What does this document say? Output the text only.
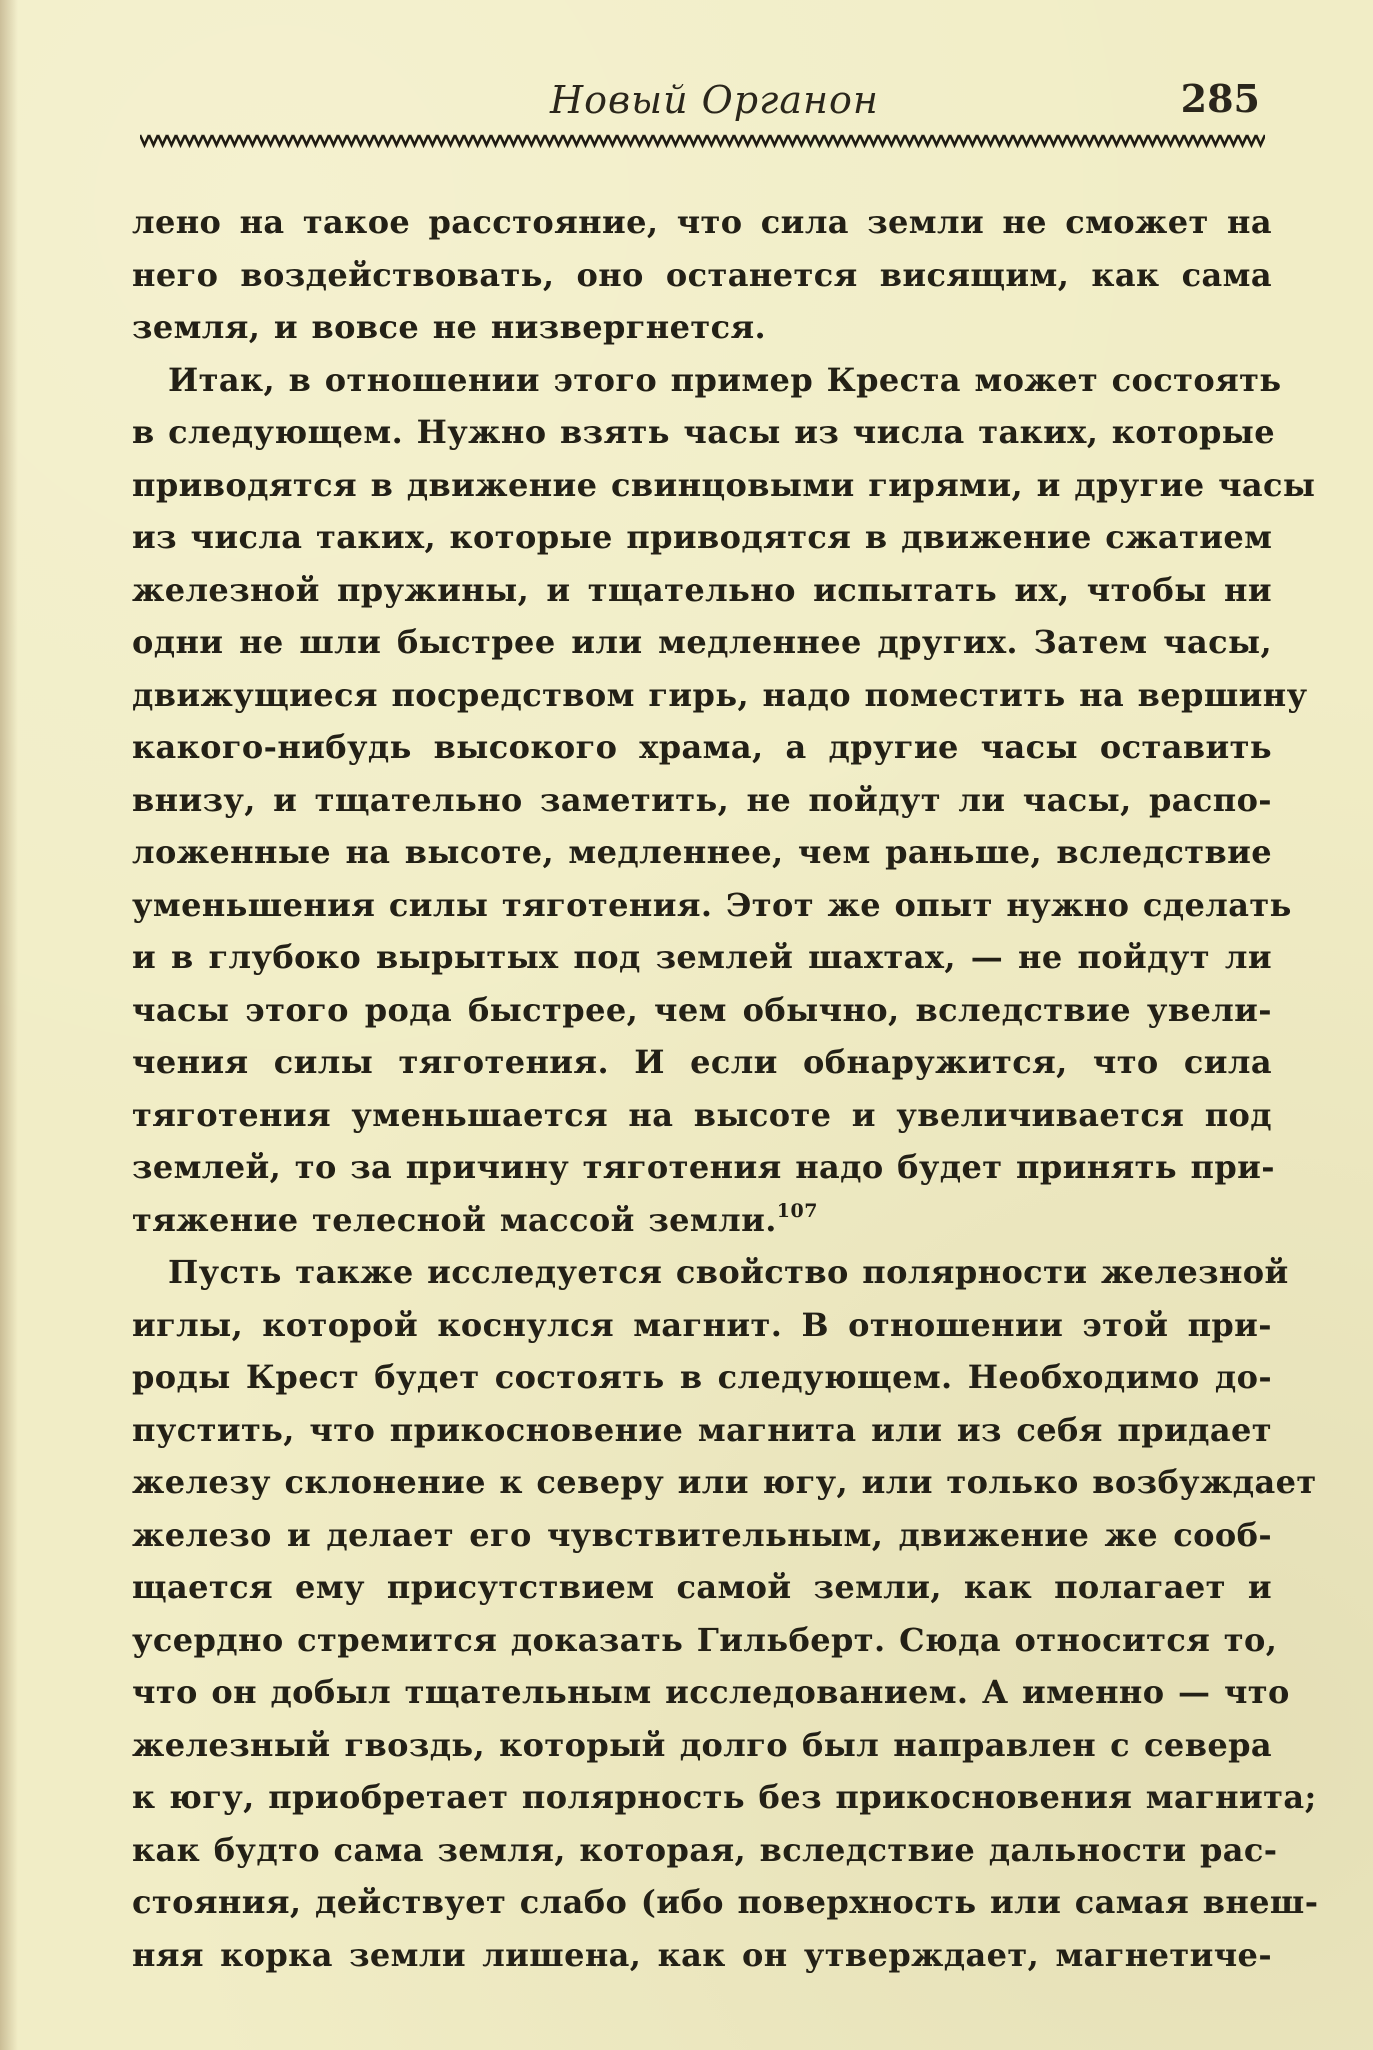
Новый Органон	285

лено на такое расстояние, что сила земли не сможет на
него воздействовать, оно останется висящим, как сама
земля, и вовсе не низвергнется.

Итак, в отношении этого пример Креста может состоять
в следующем. Нужно взять часы из числа таких, которые
приводятся в движение свинцовыми гирями, и другие часы
из числа таких, которые приводятся в движение сжатием
железной пружины, и тщательно испытать их, чтобы ни
одни не шли быстрее или медленнее других. Затем часы,
движущиеся посредством гирь, надо поместить на вершину
какого-нибудь высокого храма, а другие часы оставить
внизу, и тщательно заметить, не пойдут ли часы, распо-
ложенные на высоте, медленнее, чем раньше, вследствие
уменьшения силы тяготения. Этот же опыт нужно сделать
и в глубоко вырытых под землей шахтах, — не пойдут ли
часы этого рода быстрее, чем обычно, вследствие увели-
чения силы тяготения. И если обнаружится, что сила
тяготения уменьшается на высоте и увеличивается под
землей, то за причину тяготения надо будет принять при-
тяжение телесной массой земли.$^{107}$

Пусть также исследуется свойство полярности железной
иглы, которой коснулся магнит. В отношении этой при-
роды Крест будет состоять в следующем. Необходимо до-
пустить, что прикосновение магнита или из себя придает
железу склонение к северу или югу, или только возбуждает
железо и делает его чувствительным, движение же сооб-
щается ему присутствием самой земли, как полагает и
усердно стремится доказать Гильберт. Сюда относится то,
что он добыл тщательным исследованием. А именно — что
железный гвоздь, который долго был направлен с севера
к югу, приобретает полярность без прикосновения магнита;
как будто сама земля, которая, вследствие дальности рас-
стояния, действует слабо (ибо поверхность или самая внеш-
няя корка земли лишена, как он утверждает, магнетиче-
